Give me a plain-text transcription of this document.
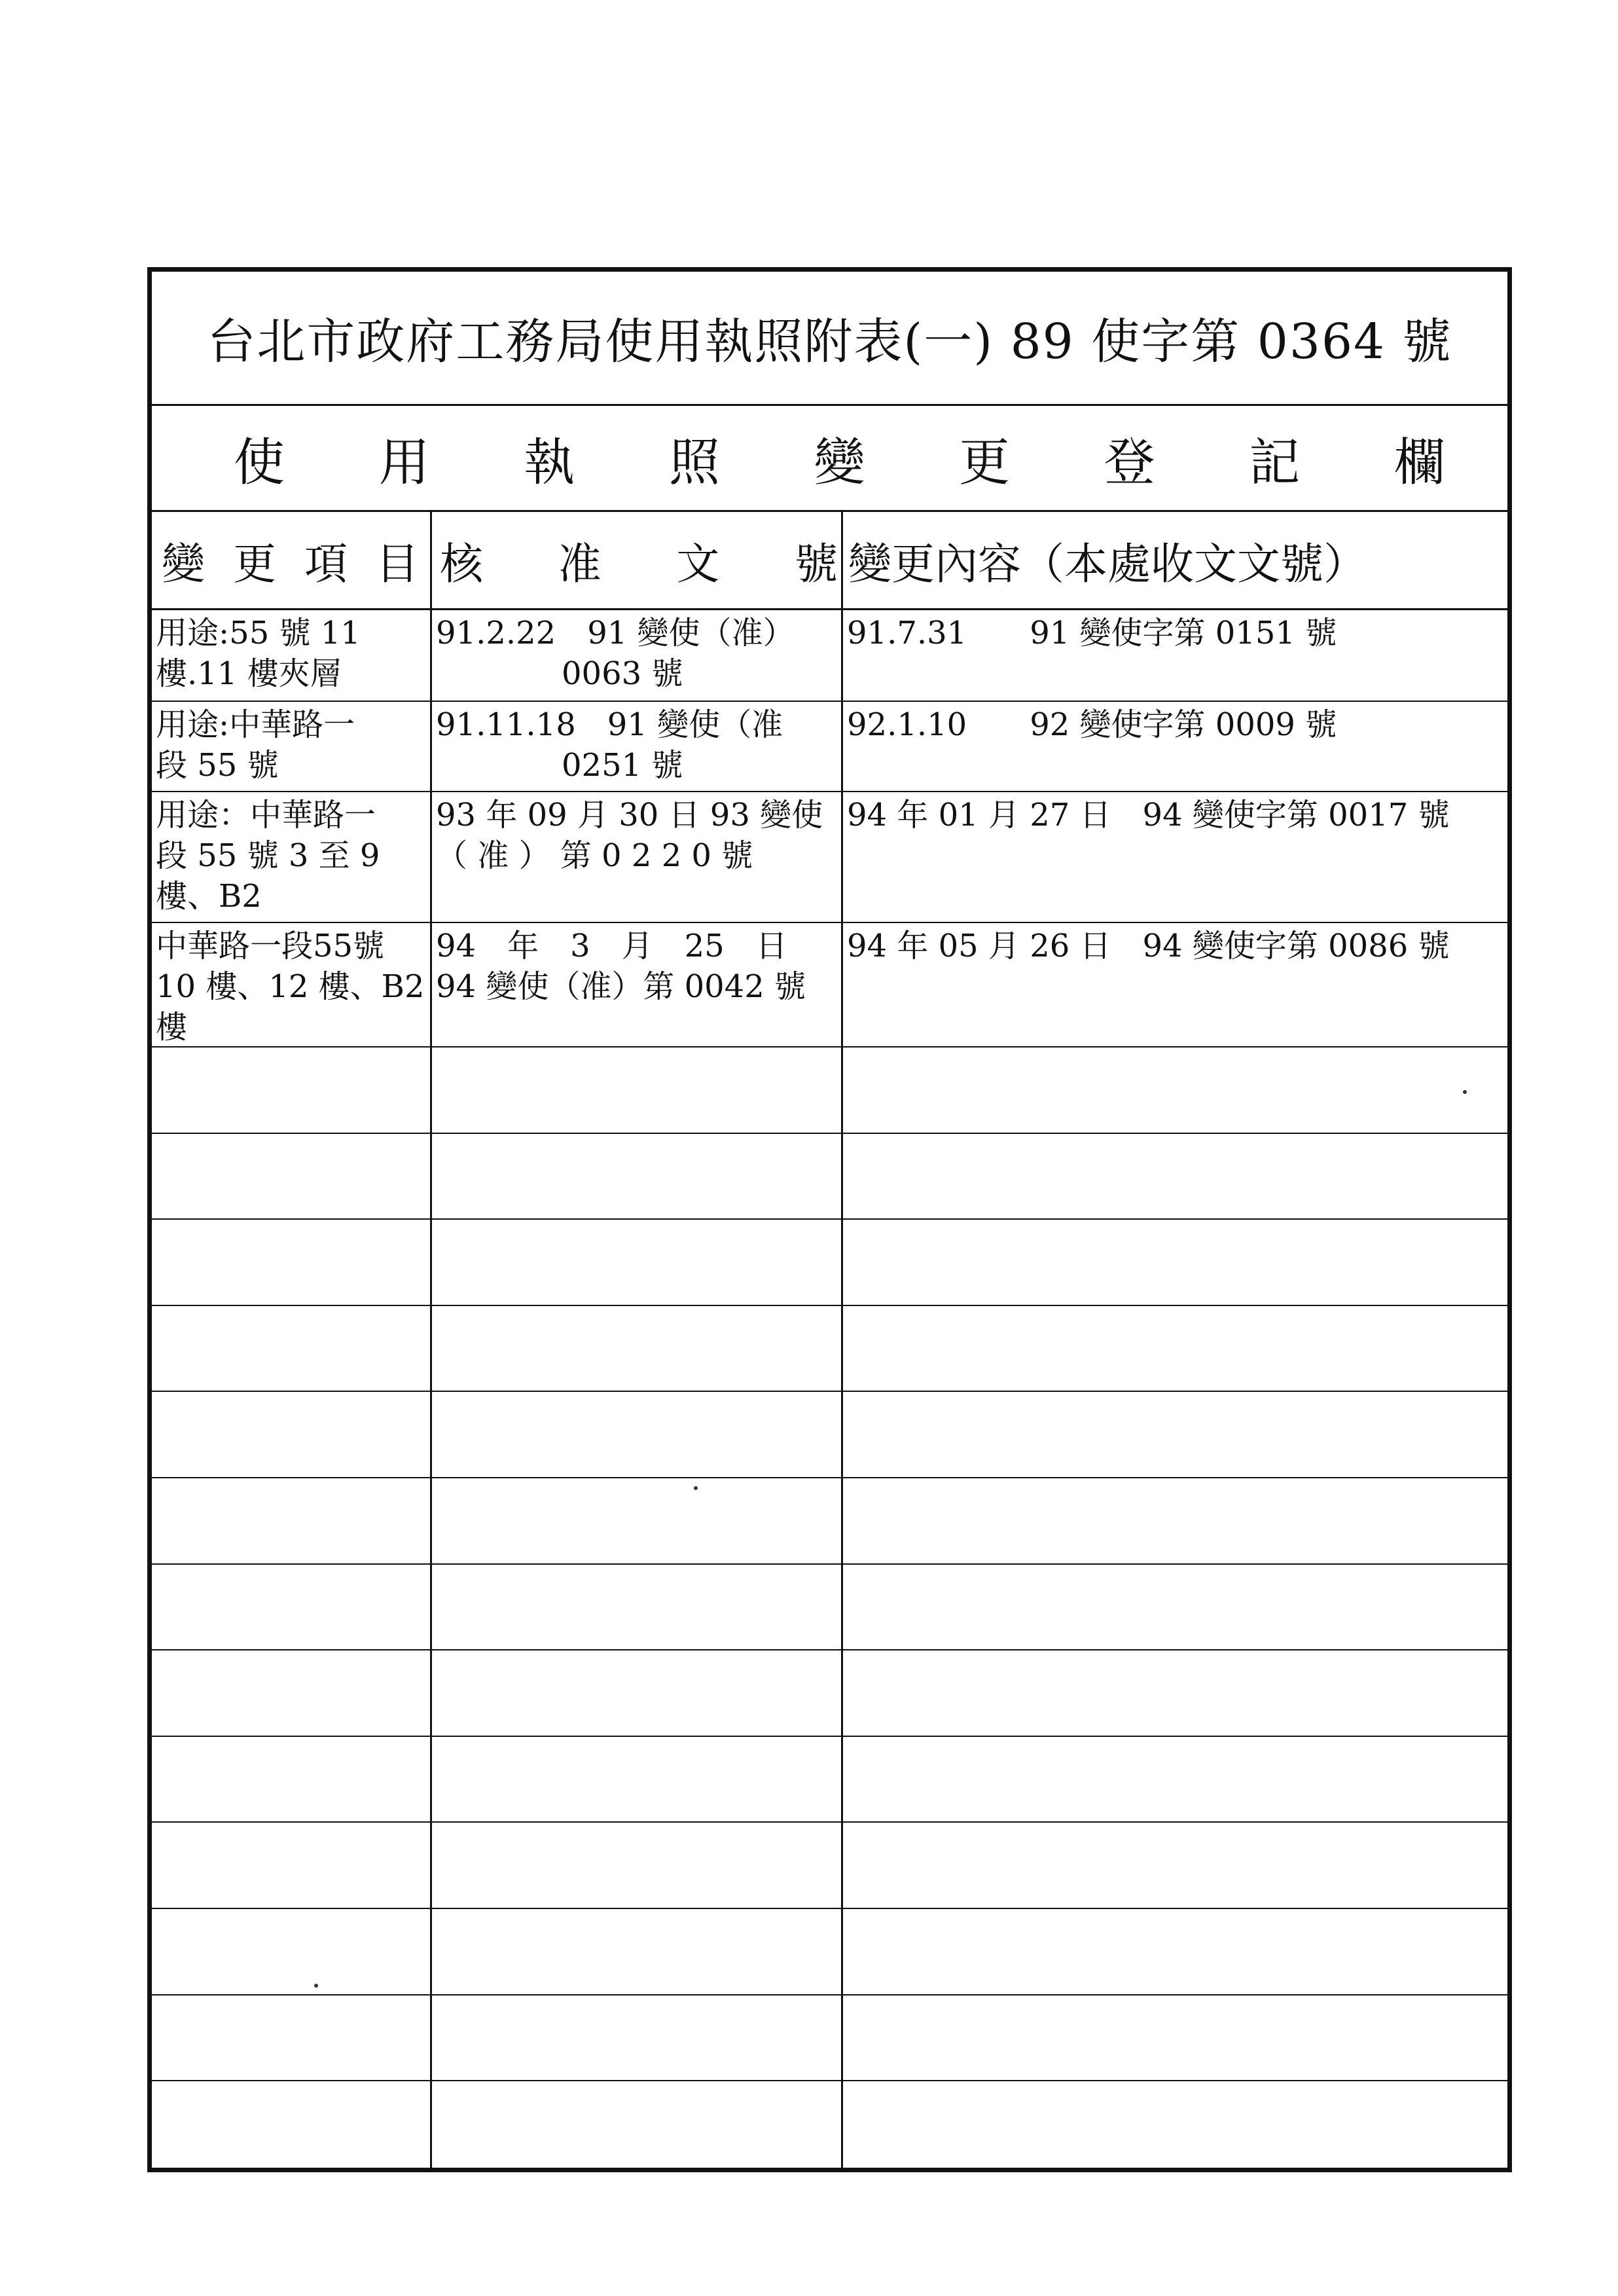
台北市政府工務局使用執照附表(一) 89 使字第 0364 號
使 用 執 照 變 更 登 記 欄
變 更 項 目 核 准 文 號 變更內容（本處收文文號）
用途:55 號 11
樓.11 樓夾層
91.2.22　91 變使（准）
　　　　0063 號
91.7.31　　91 變使字第 0151 號
用途:中華路一
段 55 號
91.11.18　91 變使（准
　　　　0251 號
92.1.10　　92 變使字第 0009 號
用途：中華路一
段 55 號 3 至 9
樓、B2
93 年 09 月 30 日 93 變使
（ 准 ） 第 0 2 2 0 號
94 年 01 月 27 日　94 變使字第 0017 號
中華路一段55號
10 樓、12 樓、B2
樓
94　年　3　月　25　日
94 變使（准）第 0042 號
94 年 05 月 26 日　94 變使字第 0086 號
